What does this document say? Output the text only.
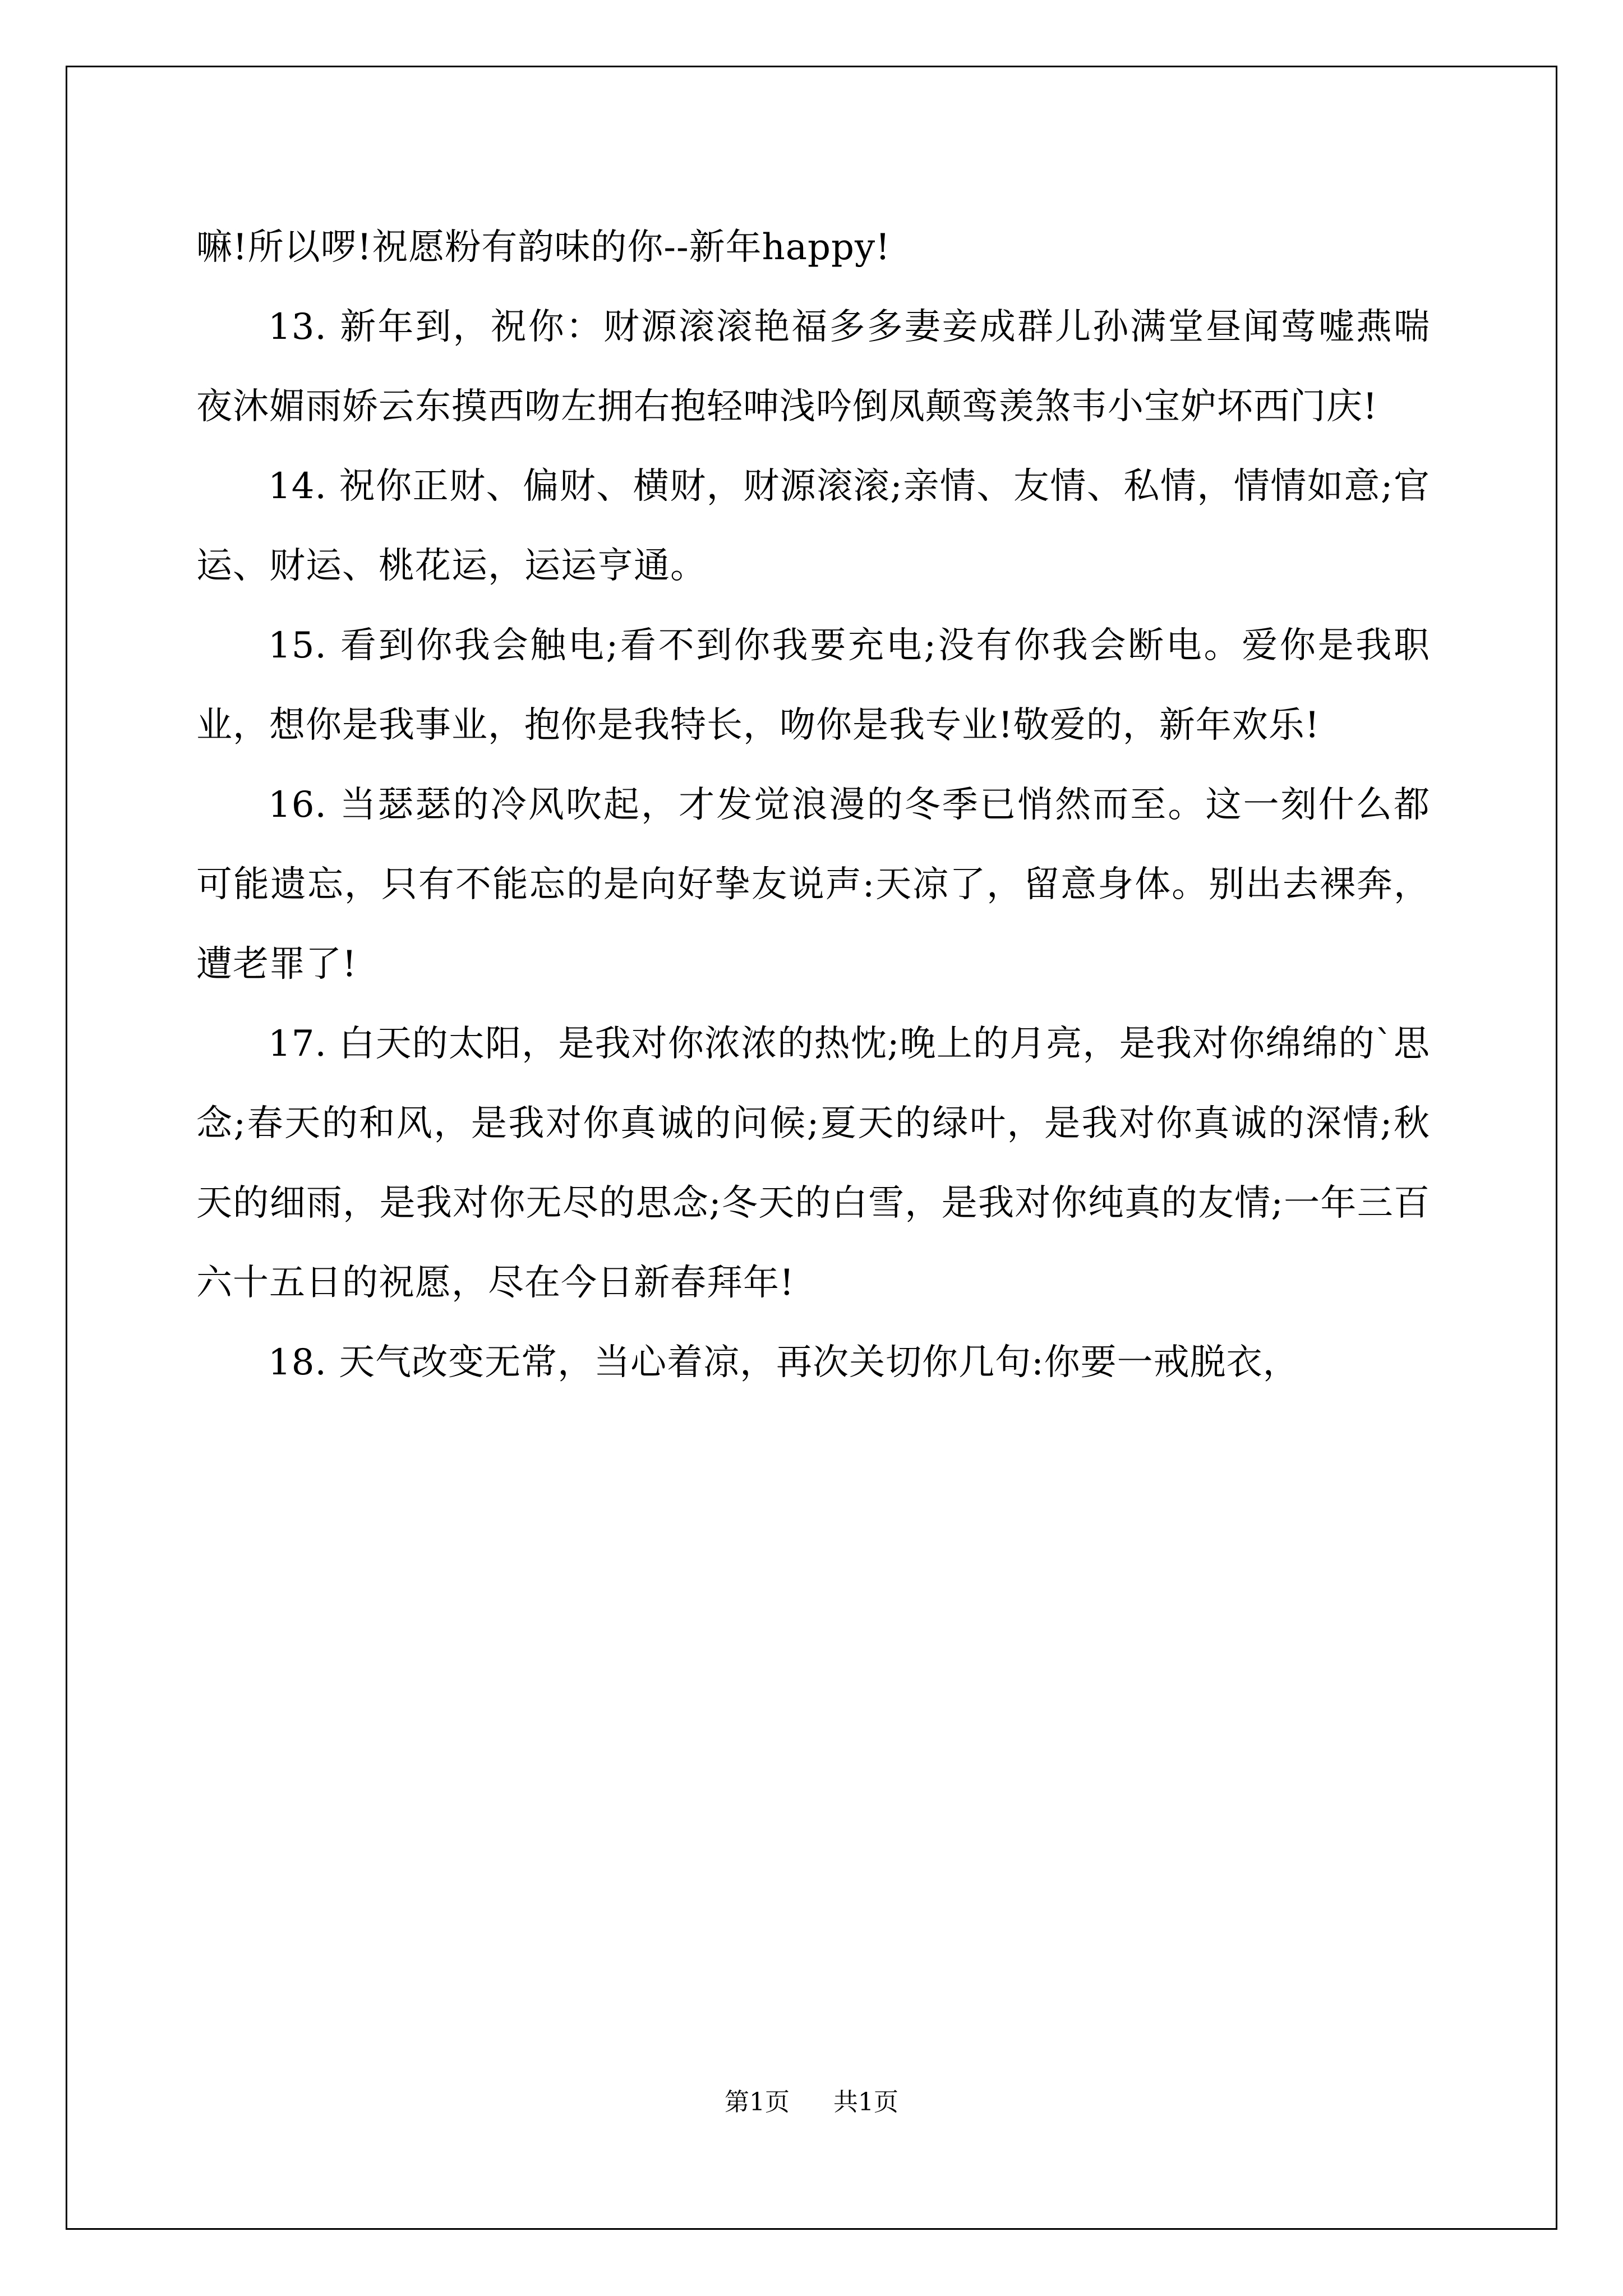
嘛!所以啰!祝愿粉有韵味的你--新年happy!

13. 新年到，祝你：财源滚滚艳福多多妻妾成群儿孙满堂昼闻莺嘘燕喘夜沐媚雨娇云东摸西吻左拥右抱轻呻浅吟倒凤颠鸾羡煞韦小宝妒坏西门庆!

14. 祝你正财、偏财、横财，财源滚滚;亲情、友情、私情，情情如意;官运、财运、桃花运，运运亨通。

15. 看到你我会触电;看不到你我要充电;没有你我会断电。爱你是我职业，想你是我事业，抱你是我特长，吻你是我专业!敬爱的，新年欢乐!

16. 当瑟瑟的冷风吹起，才发觉浪漫的冬季已悄然而至。这一刻什么都可能遗忘，只有不能忘的是向好挚友说声:天凉了，留意身体。别出去裸奔，遭老罪了!

17. 白天的太阳，是我对你浓浓的热忱;晚上的月亮，是我对你绵绵的`思念;春天的和风，是我对你真诚的问候;夏天的绿叶，是我对你真诚的深情;秋天的细雨，是我对你无尽的思念;冬天的白雪，是我对你纯真的友情;一年三百六十五日的祝愿，尽在今日新春拜年!

18. 天气改变无常，当心着凉，再次关切你几句:你要一戒脱衣，

第1页 共1页
